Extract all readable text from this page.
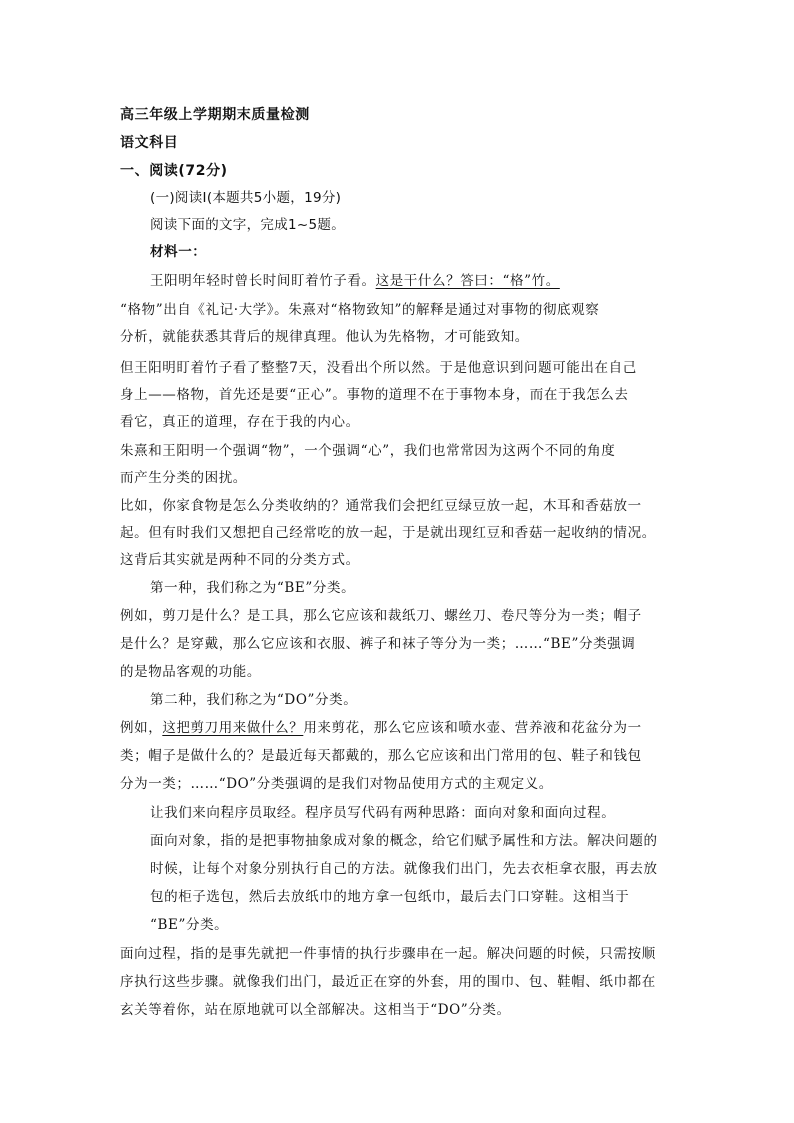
高三年级上学期期末质量检测
语文科目
一、阅读(72分)
(一)阅读Ⅰ(本题共5小题，19分)
阅读下面的文字，完成1~5题。
材料一：
王阳明年轻时曾长时间盯着竹子看。这是干什么？答曰：“格”竹。
“格物”出自《礼记·大学》。朱熹对“格物致知”的解释是通过对事物的彻底观察
分析，就能获悉其背后的规律真理。他认为先格物，才可能致知。
但王阳明盯着竹子看了整整7天，没看出个所以然。于是他意识到问题可能出在自己
身上——格物，首先还是要“正心”。事物的道理不在于事物本身，而在于我怎么去
看它，真正的道理，存在于我的内心。
朱熹和王阳明一个强调“物”，一个强调“心”，我们也常常因为这两个不同的角度
而产生分类的困扰。
比如，你家食物是怎么分类收纳的？通常我们会把红豆绿豆放一起，木耳和香菇放一
起。但有时我们又想把自己经常吃的放一起，于是就出现红豆和香菇一起收纳的情况。
这背后其实就是两种不同的分类方式。
第一种，我们称之为“BE”分类。
例如，剪刀是什么？是工具，那么它应该和裁纸刀、螺丝刀、卷尺等分为一类；帽子
是什么？是穿戴，那么它应该和衣服、裤子和袜子等分为一类；……“BE”分类强调
的是物品客观的功能。
第二种，我们称之为“DO”分类。
例如，这把剪刀用来做什么？用来剪花，那么它应该和喷水壶、营养液和花盆分为一
类；帽子是做什么的？是最近每天都戴的，那么它应该和出门常用的包、鞋子和钱包
分为一类；……“DO”分类强调的是我们对物品使用方式的主观定义。
让我们来向程序员取经。程序员写代码有两种思路：面向对象和面向过程。
面向对象，指的是把事物抽象成对象的概念，给它们赋予属性和方法。解决问题的
时候，让每个对象分别执行自己的方法。就像我们出门，先去衣柜拿衣服，再去放
包的柜子选包，然后去放纸巾的地方拿一包纸巾，最后去门口穿鞋。这相当于
“BE”分类。
面向过程，指的是事先就把一件事情的执行步骤串在一起。解决问题的时候，只需按顺
序执行这些步骤。就像我们出门，最近正在穿的外套，用的围巾、包、鞋帽、纸巾都在
玄关等着你，站在原地就可以全部解决。这相当于“DO”分类。
